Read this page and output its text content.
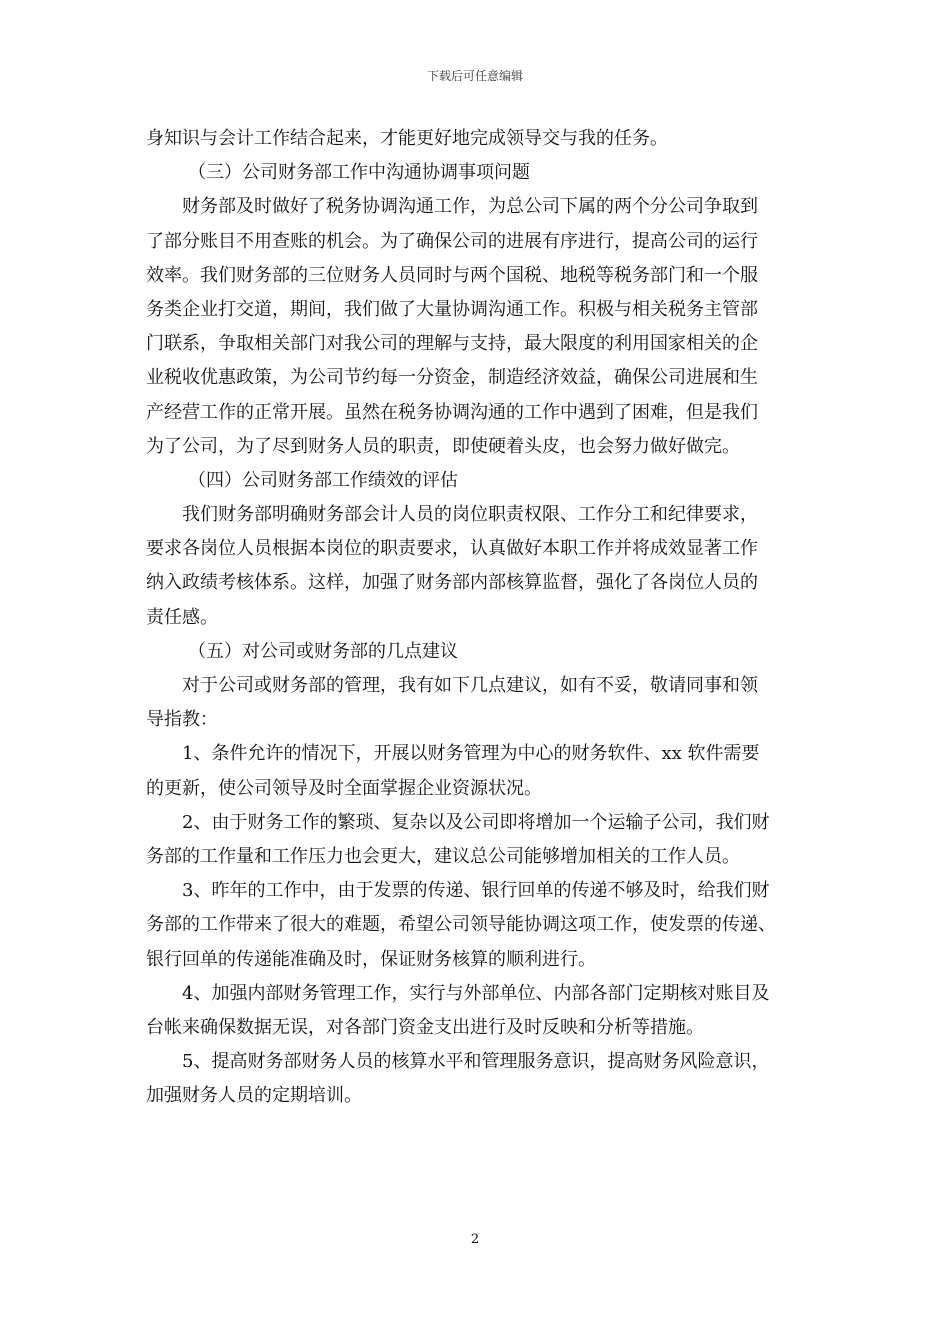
下载后可任意编辑
身知识与会计工作结合起来，才能更好地完成领导交与我的任务。
（三）公司财务部工作中沟通协调事项问题
财务部及时做好了税务协调沟通工作，为总公司下属的两个分公司争取到
了部分账目不用查账的机会。为了确保公司的进展有序进行，提高公司的运行
效率。我们财务部的三位财务人员同时与两个国税、地税等税务部门和一个服
务类企业打交道，期间，我们做了大量协调沟通工作。积极与相关税务主管部
门联系，争取相关部门对我公司的理解与支持，最大限度的利用国家相关的企
业税收优惠政策，为公司节约每一分资金，制造经济效益，确保公司进展和生
产经营工作的正常开展。虽然在税务协调沟通的工作中遇到了困难，但是我们
为了公司，为了尽到财务人员的职责，即使硬着头皮，也会努力做好做完。
（四）公司财务部工作绩效的评估
我们财务部明确财务部会计人员的岗位职责权限、工作分工和纪律要求，
要求各岗位人员根据本岗位的职责要求，认真做好本职工作并将成效显著工作
纳入政绩考核体系。这样，加强了财务部内部核算监督，强化了各岗位人员的
责任感。
（五）对公司或财务部的几点建议
对于公司或财务部的管理，我有如下几点建议，如有不妥，敬请同事和领
导指教：
1、条件允许的情况下，开展以财务管理为中心的财务软件、xx 软件需要
的更新，使公司领导及时全面掌握企业资源状况。
2、由于财务工作的繁琐、复杂以及公司即将增加一个运输子公司，我们财
务部的工作量和工作压力也会更大，建议总公司能够增加相关的工作人员。
3、昨年的工作中，由于发票的传递、银行回单的传递不够及时，给我们财
务部的工作带来了很大的难题，希望公司领导能协调这项工作，使发票的传递、
银行回单的传递能准确及时，保证财务核算的顺利进行。
4、加强内部财务管理工作，实行与外部单位、内部各部门定期核对账目及
台帐来确保数据无误，对各部门资金支出进行及时反映和分析等措施。
5、提高财务部财务人员的核算水平和管理服务意识，提高财务风险意识，
加强财务人员的定期培训。
2
